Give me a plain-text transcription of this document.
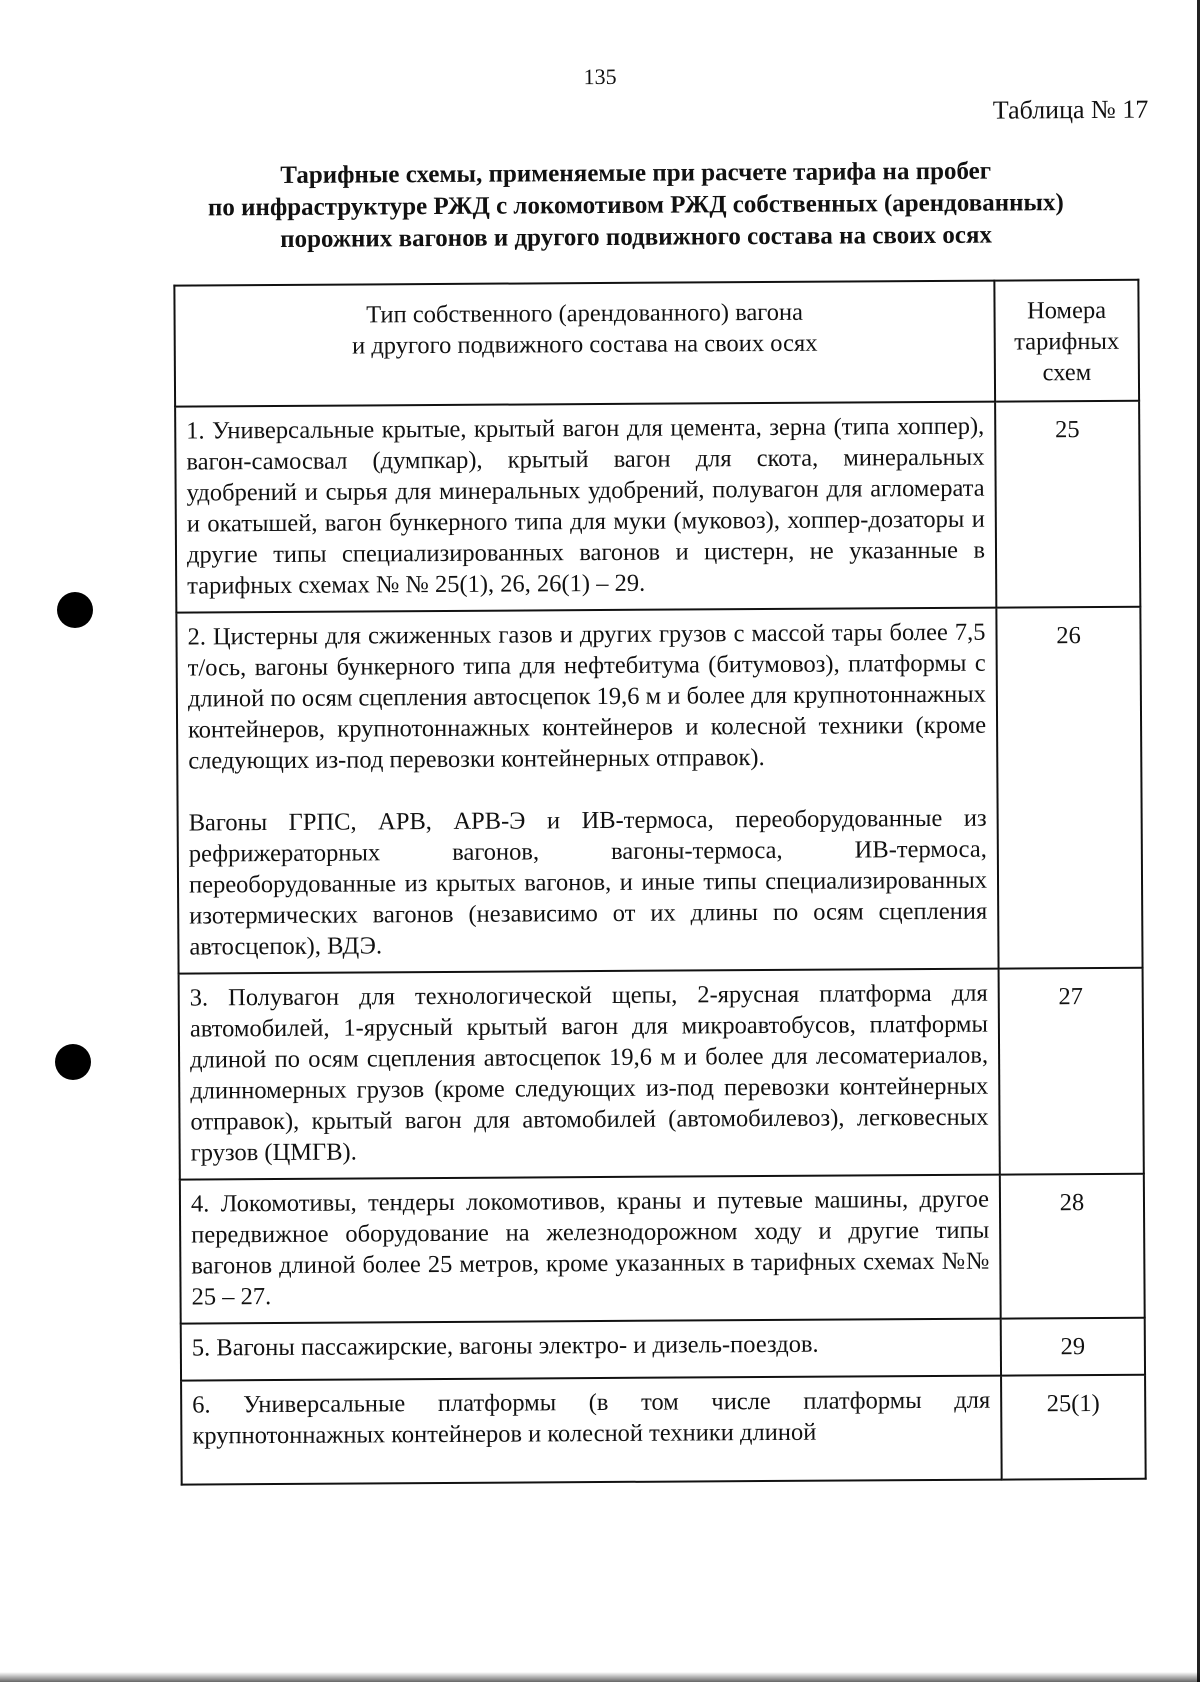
135
Таблица № 17
Тарифные схемы, применяемые при расчете тарифа на пробег
по инфраструктуре РЖД с локомотивом РЖД собственных (арендованных)
порожних вагонов и другого подвижного состава на своих осях
Тип собственного (арендованного) вагона
и другого подвижного состава на своих осях	Номера тарифных схем

1. Универсальные крытые, крытый вагон для цемента, зерна (типа хоппер), вагон-самосвал (думпкар), крытый вагон для скота, минеральных удобрений и сырья для минеральных удобрений, полувагон для агломерата и окатышей, вагон бункерного типа для муки (муковоз), хоппер-дозаторы и другие типы специализированных вагонов и цистерн, не указанные в тарифных схемах № № 25(1), 26, 26(1) – 29.	25

2. Цистерны для сжиженных газов и других грузов с массой тары более 7,5 т/ось, вагоны бункерного типа для нефтебитума (битумовоз), платформы с длиной по осям сцепления автосцепок 19,6 м и более для крупнотоннажных контейнеров, крупнотоннажных контейнеров и колесной техники (кроме следующих из-под перевозки контейнерных отправок).

Вагоны ГРПС, АРВ, АРВ-Э и ИВ-термоса, переоборудованные из рефрижераторных вагонов, вагоны-термоса, ИВ-термоса, переоборудованные из крытых вагонов, и иные типы специализированных изотермических вагонов (независимо от их длины по осям сцепления автосцепок), ВДЭ.	26

3. Полувагон для технологической щепы, 2-ярусная платформа для автомобилей, 1-ярусный крытый вагон для микроавтобусов, платформы длиной по осям сцепления автосцепок 19,6 м и более для лесоматериалов, длинномерных грузов (кроме следующих из-под перевозки контейнерных отправок), крытый вагон для автомобилей (автомобилевоз), легковесных грузов (ЦМГВ).	27

4. Локомотивы, тендеры локомотивов, краны и путевые машины, другое передвижное оборудование на железнодорожном ходу и другие типы вагонов длиной более 25 метров, кроме указанных в тарифных схемах №№ 25 – 27.	28

5. Вагоны пассажирские, вагоны электро- и дизель-поездов.	29

6. Универсальные платформы (в том числе платформы для крупнотоннажных контейнеров и колесной техники длиной	25(1)
